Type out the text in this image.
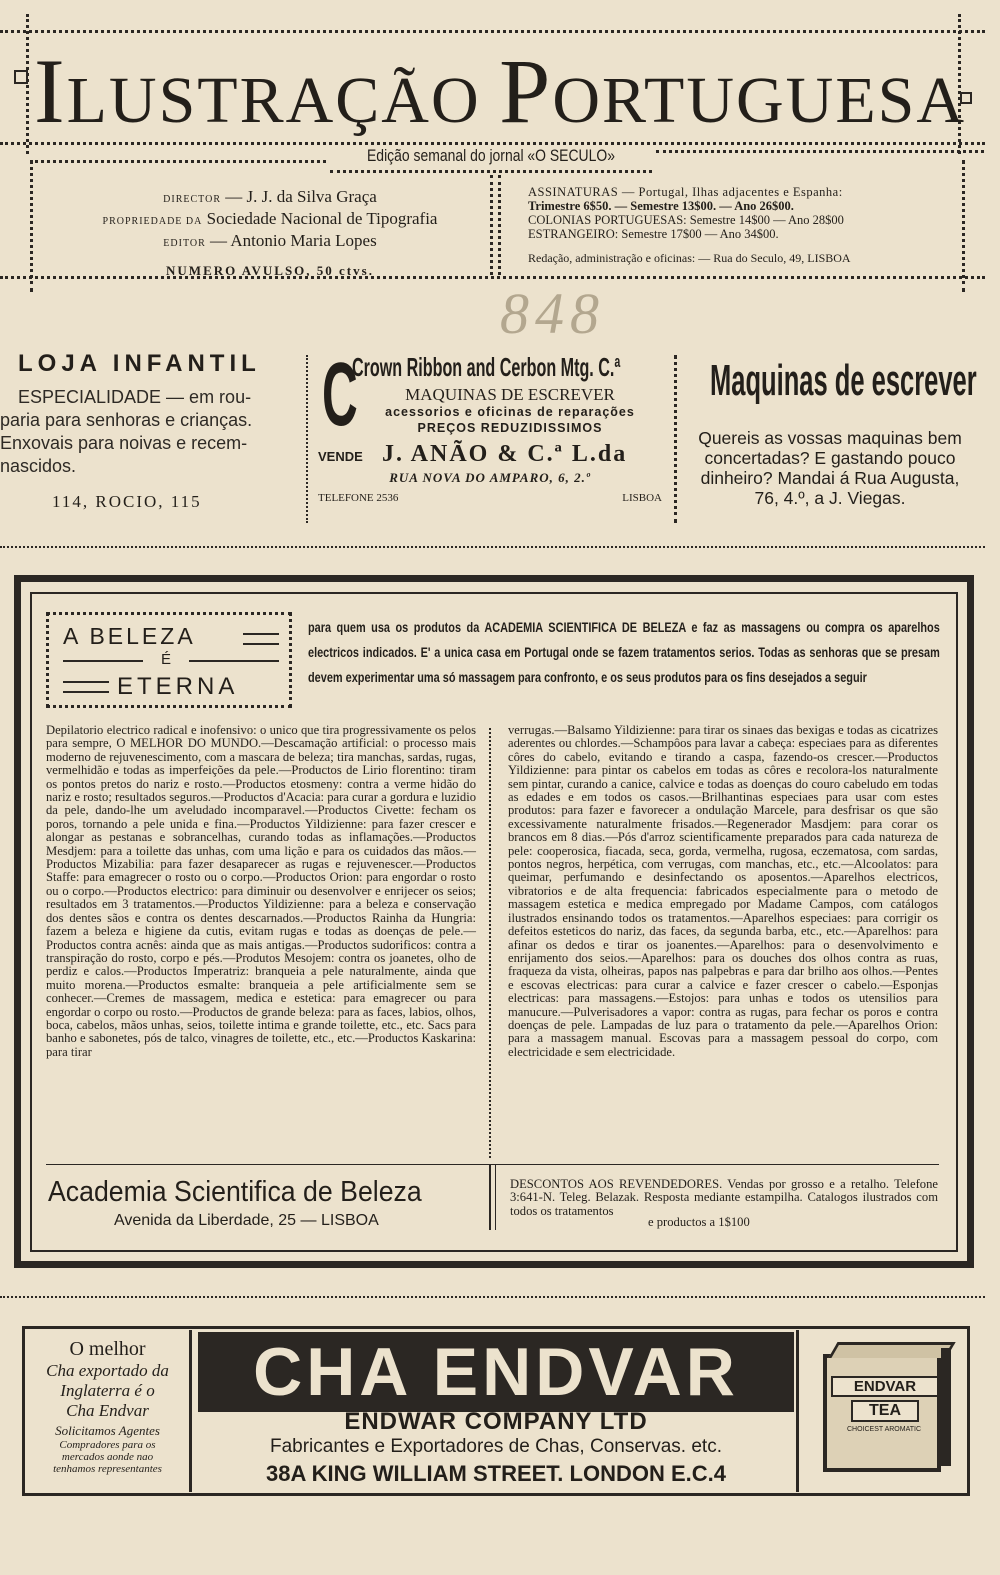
ILUSTRAÇÃO PORTUGUESA
Edição semanal do jornal «O SECULO»
DIRECTOR — J. J. da Silva Graça
PROPRIEDADE DA Sociedade Nacional de Tipografia
EDITOR — Antonio Maria Lopes
NUMERO AVULSO, 50 ctvs.
ASSINATURAS — Portugal, Ilhas adjacentes e Espanha:
Trimestre 6$50. — Semestre 13$00. — Ano 26$00.
COLONIAS PORTUGUESAS: Semestre 14$00 — Ano 28$00
ESTRANGEIRO: Semestre 17$00 — Ano 34$00.
Redação, administração e oficinas: — Rua do Seculo, 49, LISBOA
848
LOJA INFANTIL
ESPECIALIDADE — em rou-
paria para senhoras e crianças.
Enxovais para noivas e recem-
nascidos.
114, ROCIO, 115
C
Crown Ribbon and Cerbon Mtg. C.ª
MAQUINAS DE ESCREVER
acessorios e oficinas de reparações
PREÇOS REDUZIDISSIMOS
VENDE J. ANÃO & C.ª L.da
RUA NOVA DO AMPARO, 6, 2.º
TELEFONE 2536	LISBOA
Maquinas de escrever
Quereis as vossas maquinas bem concertadas? E gastando pouco dinheiro? Mandai á Rua Augusta, 76, 4.º, a J. Viegas.
A BELEZA
É
ETERNA
para quem usa os produtos da ACADEMIA SCIENTIFICA DE BELEZA e faz as massagens ou compra os aparelhos electricos indicados. E' a unica casa em Portugal onde se fazem tratamentos serios. Todas as senhoras que se presam devem experimentar uma só massagem para confronto, e os seus produtos para os fins desejados a seguir
Depilatorio electrico radical e inofensivo: o unico que tira progressivamente os pelos para sempre, O MELHOR DO MUNDO.—Descamação artificial: o processo mais moderno de rejuvenescimento, com a mascara de beleza; tira manchas, sardas, rugas, vermelhidão e todas as imperfeições da pele.—Productos de Lirio florentino: tiram os pontos pretos do nariz e rosto.—Productos etosmeny: contra a verme hidão do nariz e rosto; resultados seguros.—Productos d'Acacia: para curar a gordura e luzidio da pele, dando-lhe um aveludado incomparavel.—Productos Civette: fecham os poros, tornando a pele unida e fina.—Productos Yildizienne: para fazer crescer e alongar as pestanas e sobrancelhas, curando todas as inflamações.—Productos Mesdjem: para a toilette das unhas, com uma lição e para os cuidados das mãos.—Productos Mizabilia: para fazer desaparecer as rugas e rejuvenescer.—Productos Staffe: para emagrecer o rosto ou o corpo.—Productos Orion: para engordar o rosto ou o corpo.—Productos electrico: para diminuir ou desenvolver e enrijecer os seios; resultados em 3 tratamentos.—Productos Yildizienne: para a beleza e conservação dos dentes sãos e contra os dentes descarnados.—Productos Rainha da Hungria: fazem a beleza e higiene da cutis, evitam rugas e todas as doenças de pele.—Productos contra acnês: ainda que as mais antigas.—Productos sudorificos: contra a transpiração do rosto, corpo e pés.—Produtos Mesojem: contra os joanetes, olho de perdiz e calos.—Productos Imperatriz: branqueia a pele naturalmente, ainda que muito morena.—Productos esmalte: branqueia a pele artificialmente sem se conhecer.—Cremes de massagem, medica e estetica: para emagrecer ou para engordar o corpo ou rosto.—Productos de grande beleza: para as faces, labios, olhos, boca, cabelos, mãos unhas, seios, toilette intima e grande toilette, etc., etc. Sacs para banho e sabonetes, pós de talco, vinagres de toilette, etc., etc.—Productos Kaskarina: para tirar
verrugas.—Balsamo Yildizienne: para tirar os sinaes das bexigas e todas as cicatrizes aderentes ou chlordes.—Schampôos para lavar a cabeça: especiaes para as diferentes côres do cabelo, evitando e tirando a caspa, fazendo-os crescer.—Productos Yildizienne: para pintar os cabelos em todas as côres e recolora-los naturalmente sem pintar, curando a canice, calvice e todas as doenças do couro cabeludo em todas as edades e em todos os casos.—Brilhantinas especiaes para usar com estes produtos: para fazer e favorecer a ondulação Marcele, para desfrisar os que são excessivamente naturalmente frisados.—Regenerador Masdjem: para corar os brancos em 8 dias.—Pós d'arroz scientificamente preparados para cada natureza de pele: cooperosica, fiacada, seca, gorda, vermelha, rugosa, eczematosa, com sardas, pontos negros, herpética, com verrugas, com manchas, etc., etc.—Alcoolatos: para queimar, perfumando e desinfectando os aposentos.—Aparelhos electricos, vibratorios e de alta frequencia: fabricados especialmente para o metodo de massagem estetica e medica empregado por Madame Campos, com catálogos ilustrados ensinando todos os tratamentos.—Aparelhos especiaes: para corrigir os defeitos esteticos do nariz, das faces, da segunda barba, etc., etc.—Aparelhos: para afinar os dedos e tirar os joanentes.—Aparelhos: para o desenvolvimento e enrijamento dos seios.—Aparelhos: para os douches dos olhos contra as ruas, fraqueza da vista, olheiras, papos nas palpebras e para dar brilho aos olhos.—Pentes e escovas electricas: para curar a calvice e fazer crescer o cabelo.—Esponjas electricas: para massagens.—Estojos: para unhas e todos os utensilios para manucure.—Pulverisadores a vapor: contra as rugas, para fechar os poros e contra doenças de pele. Lampadas de luz para o tratamento da pele.—Aparelhos Orion: para a massagem manual. Escovas para a massagem pessoal do corpo, com electricidade e sem electricidade.
Academia Scientifica de Beleza
Avenida da Liberdade, 25 — LISBOA
DESCONTOS AOS REVENDEDORES. Vendas por grosso e a retalho. Telefone 3:641-N. Teleg. Belazak. Resposta mediante estampilha. Catalogos ilustrados com todos os tratamentos
e productos a 1$100
O melhor
Cha exportado da
Inglaterra é o
Cha Endvar
Solicitamos Agentes
Compradores para os
mercados aonde nao
tenhamos representantes
CHA ENDVAR
ENDWAR COMPANY LTD
Fabricantes e Exportadores de Chas, Conservas. etc.
38A KING WILLIAM STREET. LONDON E.C.4
ENDVAR
TEA
CHOICEST AROMATIC
